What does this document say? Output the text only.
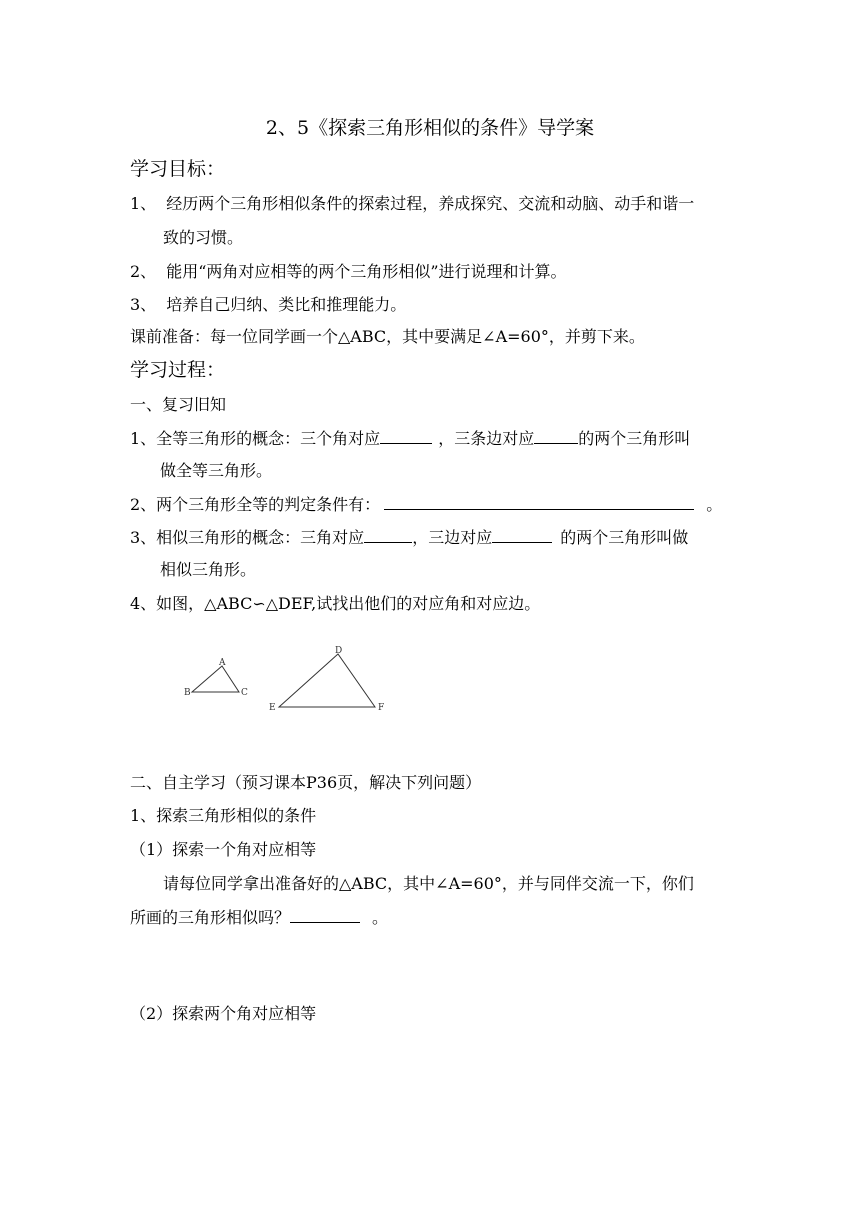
2、5《探索三角形相似的条件》导学案

学习目标：

1、 经历两个三角形相似条件的探索过程，养成探究、交流和动脑、动手和谐一

致的习惯。

2、 能用“两角对应相等的两个三角形相似”进行说理和计算。

3、 培养自己归纳、类比和推理能力。

课前准备：每一位同学画一个△ABC，其中要满足∠A=60°，并剪下来。

学习过程：

一、复习旧知

1、全等三角形的概念：三个角对应	，三条边对应	的两个三角形叫

做全等三角形。

2、两个三角形全等的判定条件有：	。

3、相似三角形的概念：三角对应	，三边对应	的两个三角形叫做

相似三角形。

4、如图，△ABC∽△DEF,试找出他们的对应角和对应边。

A
B	C
D
E	F

二、自主学习（预习课本P36页，解决下列问题）

1、探索三角形相似的条件

（1）探索一个角对应相等

请每位同学拿出准备好的△ABC，其中∠A=60°，并与同伴交流一下，你们

所画的三角形相似吗？	。

（2）探索两个角对应相等
